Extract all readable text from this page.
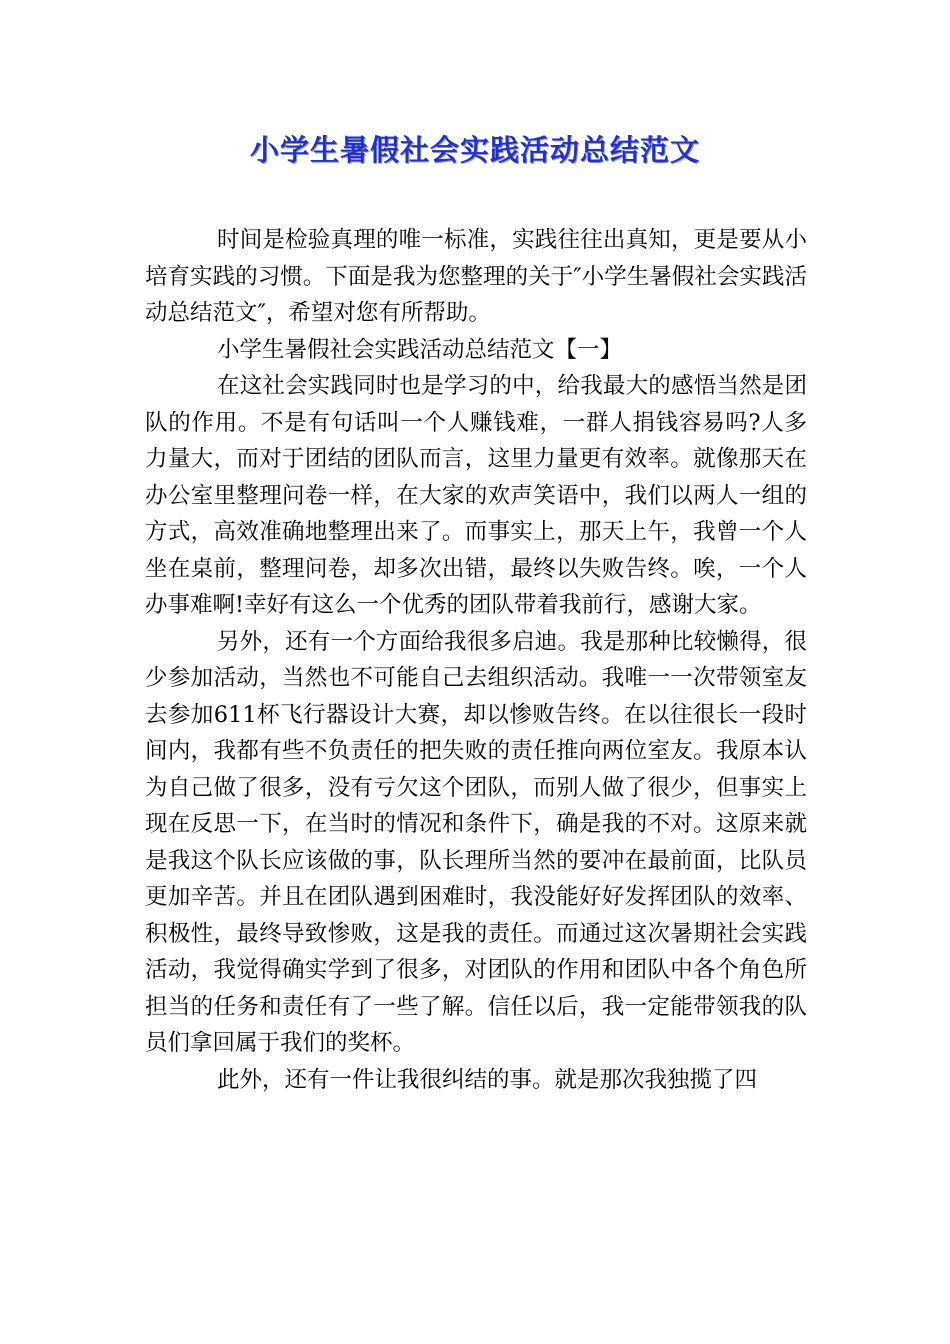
小学生暑假社会实践活动总结范文

时间是检验真理的唯一标准，实践往往出真知，更是要从小培育实践的习惯。下面是我为您整理的关于″小学生暑假社会实践活动总结范文″，希望对您有所帮助。

小学生暑假社会实践活动总结范文【一】

在这社会实践同时也是学习的中，给我最大的感悟当然是团队的作用。不是有句话叫一个人赚钱难，一群人捐钱容易吗?人多力量大，而对于团结的团队而言，这里力量更有效率。就像那天在办公室里整理问卷一样，在大家的欢声笑语中，我们以两人一组的方式，高效准确地整理出来了。而事实上，那天上午，我曾一个人坐在桌前，整理问卷，却多次出错，最终以失败告终。唉，一个人办事难啊!幸好有这么一个优秀的团队带着我前行，感谢大家。

另外，还有一个方面给我很多启迪。我是那种比较懒得，很少参加活动，当然也不可能自己去组织活动。我唯一一次带领室友去参加611杯飞行器设计大赛，却以惨败告终。在以往很长一段时间内，我都有些不负责任的把失败的责任推向两位室友。我原本认为自己做了很多，没有亏欠这个团队，而别人做了很少，但事实上现在反思一下，在当时的情况和条件下，确是我的不对。这原来就是我这个队长应该做的事，队长理所当然的要冲在最前面，比队员更加辛苦。并且在团队遇到困难时，我没能好好发挥团队的效率、积极性，最终导致惨败，这是我的责任。而通过这次暑期社会实践活动，我觉得确实学到了很多，对团队的作用和团队中各个角色所担当的任务和责任有了一些了解。信任以后，我一定能带领我的队员们拿回属于我们的奖杯。

此外，还有一件让我很纠结的事。就是那次我独揽了四
